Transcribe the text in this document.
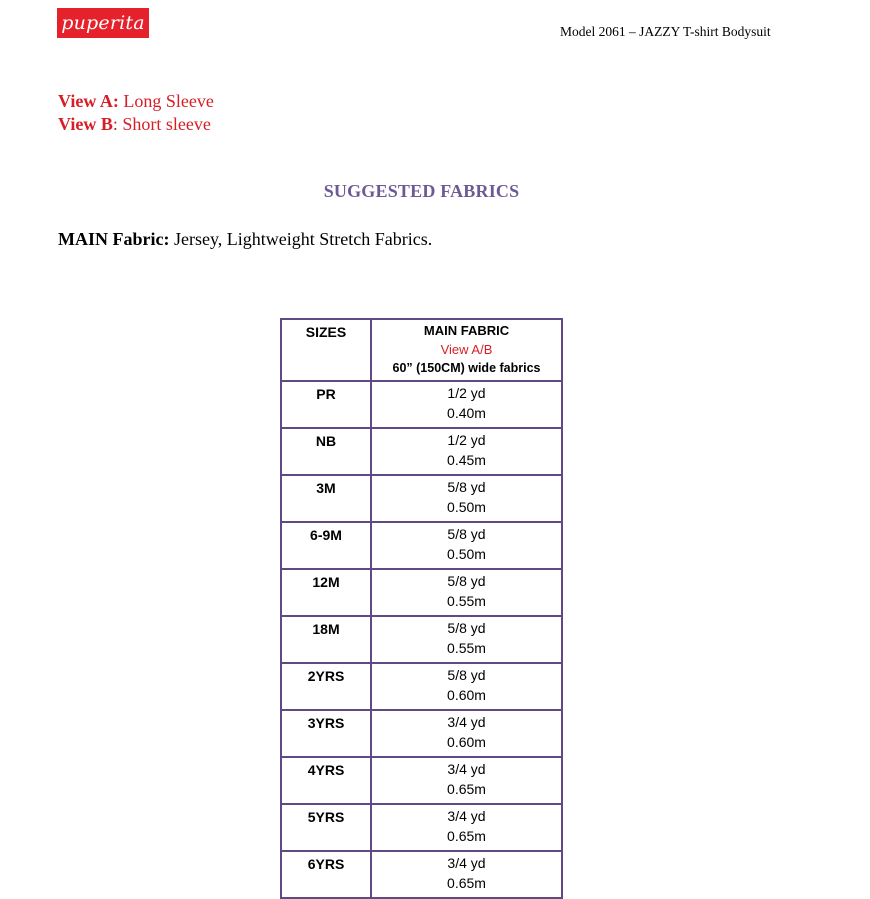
puperita	Model 2061 – JAZZY T-shirt Bodysuit
View A: Long Sleeve
View B: Short sleeve
SUGGESTED FABRICS
MAIN Fabric: Jersey, Lightweight Stretch Fabrics.
SIZES	MAIN FABRIC
View A/B
60” (150CM) wide fabrics

PR	1/2 yd
0.40m

NB	1/2 yd
0.45m

3M	5/8 yd
0.50m

6-9M	5/8 yd
0.50m

12M	5/8 yd
0.55m

18M	5/8 yd
0.55m

2YRS	5/8 yd
0.60m

3YRS	3/4 yd
0.60m

4YRS	3/4 yd
0.65m

5YRS	3/4 yd
0.65m

6YRS	3/4 yd
0.65m
